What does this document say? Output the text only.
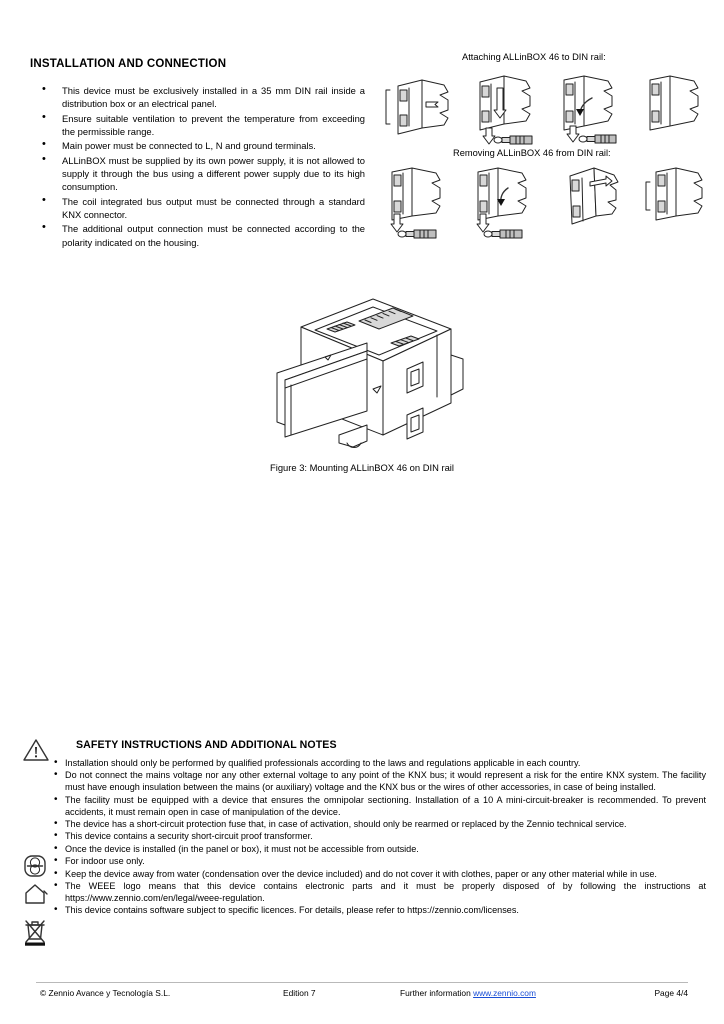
INSTALLATION AND CONNECTION
• This device must be exclusively installed in a 35 mm DIN rail inside a distribution box or an electrical panel.
• Ensure suitable ventilation to prevent the temperature from exceeding the permissible range.
• Main power must be connected to L, N and ground terminals.
• ALLinBOX must be supplied by its own power supply, it is not allowed to supply it through the bus using a different power supply due to its high consumption.
• The coil integrated bus output must be connected through a standard KNX connector.
• The additional output connection must be connected according to the polarity indicated on the housing.
Attaching ALLinBOX 46 to DIN rail:
Removing ALLinBOX 46 from DIN rail:
Figure 3: Mounting ALLinBOX 46 on DIN rail
SAFETY INSTRUCTIONS AND ADDITIONAL NOTES
• Installation should only be performed by qualified professionals according to the laws and regulations applicable in each country.
• Do not connect the mains voltage nor any other external voltage to any point of the KNX bus; it would represent a risk for the entire KNX system. The facility must have enough insulation between the mains (or auxiliary) voltage and the KNX bus or the wires of other accessories, in case of being installed.
• The facility must be equipped with a device that ensures the omnipolar sectioning. Installation of a 10 A mini-circuit-breaker is recommended. To prevent accidents, it must remain open in case of manipulation of the device.
• The device has a short-circuit protection fuse that, in case of activation, should only be rearmed or replaced by the Zennio technical service.
• This device contains a security short-circuit proof transformer.
• Once the device is installed (in the panel or box), it must not be accessible from outside.
• For indoor use only.
• Keep the device away from water (condensation over the device included) and do not cover it with clothes, paper or any other material while in use.
• The WEEE logo means that this device contains electronic parts and it must be properly disposed of by following the instructions at https://www.zennio.com/en/legal/weee-regulation.
• This device contains software subject to specific licences. For details, please refer to https://zennio.com/licenses.
© Zennio Avance y Tecnología S.L.	Edition 7	Further information www.zennio.com	Page 4/4
